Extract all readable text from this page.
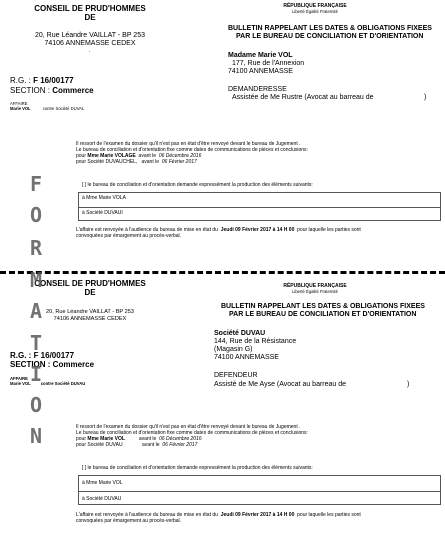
CONSEIL DE PRUD'HOMMES
DE
20, Rue Léandre VAILLAT - BP 253
74106 ANNEMASSE CEDEX
'
RÉPUBLIQUE FRANÇAISE
Liberté Égalité Fraternité
BULLETIN RAPPELANT LES DATES & OBLIGATIONS FIXEES
PAR LE BUREAU DE CONCILIATION ET D'ORIENTATION
Madame Marie VOL
177, Rue de l'Annexion
74100 ANNEMASSE
R.G. : F 16/00177
SECTION : Commerce	DEMANDERESSE
Assistée de Me Rustre (Avocat au barreau de	)
AFFAIRE
Marie VOL	contre Société DUVAL
Il ressort de l'examen du dossier qu'il n'est pas en état d'être renvoyé devant le bureau de Jugement .
Le bureau de conciliation et d'orientation fixe comme dates de communications de pièces et conclusions:
pour Mme Marie VOLAGE  avant le  06 Décembre 2016
pour Société DUVAUCHEL,   avant le  06 Février 2017
[ ] le bureau de conciliation et d'orientation demande expressément la production des éléments suivants:
à Mme Marie VOLA
à Société DUVAUI
L'affaire est renvoyée à l'audience du bureau de mise en état du  Jeudi 09 Février 2017 à 14 H 00  pour laquelle les parties sont
convoquées par émargement au procès-verbal.
CONSEIL DE PRUD'HOMMES
DE
20, Rue Léandre VAILLAT - BP 253
74106 ANNEMASSE CEDEX
RÉPUBLIQUE FRANÇAISE
Liberté Égalité Fraternité
BULLETIN RAPPELANT LES DATES & OBLIGATIONS FIXEES
PAR LE BUREAU DE CONCILIATION ET D'ORIENTATION
Société DUVAU
144, Rue de la Résistance
(Magasin G)
74100 ANNEMASSE
R.G. : F 16/00177
SECTION : Commerce
DEFENDEUR
Assisté de Me Ayse (Avocat au barreau de	)
AFFAIRE
Marie VOL contre Société DUVAU
Il ressort de l'examen du dossier qu'il n'est pas en état d'être renvoyé devant le bureau de Jugement .
Le bureau de conciliation et d'orientation fixe comme dates de communications de pièces et conclusions:
pour Mme Marie VOL          avant le  06 Décembre 2016
pour Société DUVAU              avant le  06 Février 2017
[ ] le bureau de conciliation et d'orientation demande expressément la production des éléments suivants:
à Mme Marie VOL
à Société DUVAU
L'affaire est renvoyée à l'audience du bureau de mise en état du  Jeudi 09 Février 2017 à 14 H 00  pour laquelle les parties sont
convoquées par émargement au procès-verbal.
F
O
R
M
A
T
I
O
N
